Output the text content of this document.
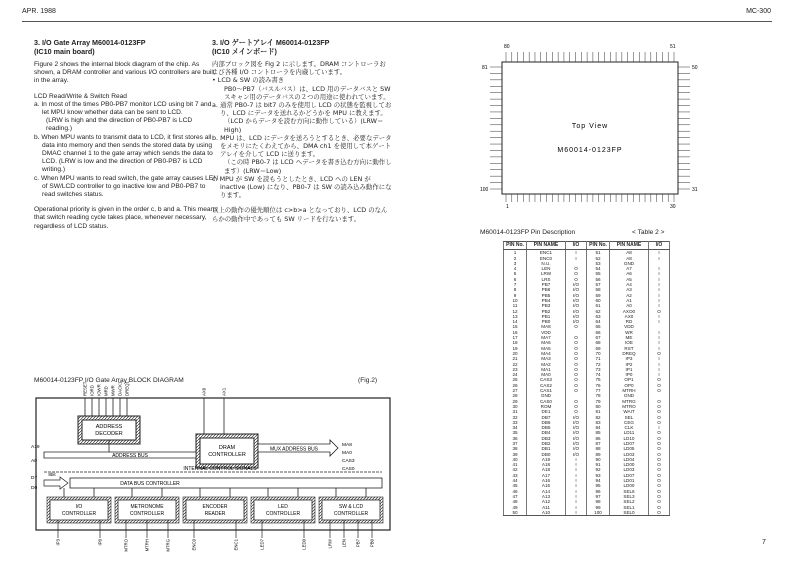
APR. 1988	MC-300
3. I/O Gate Array M60014-0123FP
(IC10 main board)

Figure 2 shows the internal block diagram of the chip. As shown, a DRAM controller and various I/O controllers are built in the array.

LCD Read/Write & Switch Read

a. In most of the times PB0-PB7 monitor LCD using bit 7 and let MPU know whether data can be sent to LCD.

(LRW is high and the direction of PB0-PB7 is LCD reading.)

b. When MPU wants to transmit data to LCD, it first stores all data into memory and then sends the stored data by using DMAC channel 1 to the gate array which sends the data to LCD. (LRW is low and the direction of PB0-PB7 is LCD writing.)

c. When MPU wants to read switch, the gate array causes LEN of SW/LCD controller to go inactive low and PB0-PB7 to read switches status.

Operational priority is given in the order c, b and a. This means that switch reading cycle takes place, whenever necessary, regardless of LCD status.

3. I/O ゲートアレイ M60014-0123FP
(IC10 メインボード)

内部ブロック図を Fig 2 に示します。DRAM コントローラおよび各種 I/O コントローラを内蔵しています。

• LCD & SW の読み書き

PB0～PB7（バスルバス）は、LCD 用のデータバスと SW スキャン用のデータバスの２つの用途に使われています。

a. 通常 PB0-7 は bit7 のみを使用し LCD の状態を監視しており、LCD にデータを送れるかどうかを MPU に教えます。

（LCD からデータを読む方向に動作している）(LRW＝High)

b. MPU は、LCD にデータを送ろうとするとき、必要なデータをメモリにたくわえてから、DMA ch1 を使用して本ゲートアレイを介して LCD に送ります。

（この時 PB0-7 は LCD へデータを書き込む方向に動作します）(LRW＝Low)

c. MPU が SW を読もうとしたとき、LCD への LEN が inactive (Low) になり、PB0-7 は SW の読み込み動作になります。

以上の動作の優先順位は c>b>a となっており、LCD のなんらかの動作中であっても SW リードを行ないます。

M60014-0123FP I/O Gate Array BLOCK DIAGRAM	(Fig.2)
ADDRESS
DECODER
DRAM
CONTROLLER
MUX ADDRESS BUS
ADDRESS BUS
INTERNAL CONTROL SIGNALS
DATA BUS CONTROLLER
8bit
A19
A0
D7
D0
MA8
MA0
CAS3
CAS0
I/O
CONTROLLER
METRONOME
CONTROLLER
ENCODER
READER
LED
CONTROLLER
SW & LCD
CONTROLLER
RESET IORD IOWR MRD MWR DACK1 DREQ1	AX0	AX1
IP3	IP0	MTRO	MTRH	MTRG	ENC0	ENC1	LED7	LED0	LRW LEN PB7 PB0
Top View
M60014-0123FP
80	51
81	50
100	31
1	30
M60014-0123FP Pin Description	< Table 2 >
PIN No.	PIN NAME	I/O	PIN No.	PIN NAME	I/O
1	ENC1	I	51	A8	I
2	ENC0	I	52	A8	I
3	N.U.		53	GND	
4	LEN	O	54	A7	I
5	LRW	O	55	A6	I
6	LRS	O	56	A5	I
7	PB7	I/O	57	A4	I
8	PB6	I/O	58	A3	I
9	PB5	I/O	59	A2	I
10	PB4	I/O	60	A1	I
11	PB3	I/O	61	A0	I
12	PB2	I/O	62	AXO0	O
13	PB1	I/O	63	AX0	I
14	PB0	I/O	64	RD	I
15	MA8	O	65	VDD	
16	VDD		66	WR	I
17	MA7	O	67	ME	I
18	MA6	O	68	IOE	I
19	MA5	O	69	RST	I
20	MA4	O	70	DREQ	O
21	MA3	O	71	IP3	I
22	MA2	O	72	IP2	I
23	MA1	O	73	IP1	I
24	MA0	O	74	IP0	I
25	CAS3	O	75	OP1	O
26	CAS2	O	76	OP0	O
27	CAS1	O	77	MTRH	O
28	GND		78	GND	
29	CAS0	O	79	MTRG	O
30	ROM	O	80	MTRO	O
31	DE1	O	81	WAIT	O
32	DB7	I/O	82	SEL	O
33	DB6	I/O	83	CEG	O
34	DB5	I/O	84	CLK	I
35	DB4	I/O	85	LD11	O
36	DB3	I/O	86	LD10	O
37	DB2	I/O	87	LD07	O
38	DB1	I/O	88	LD05	O
39	DB0	I/O	89	LD03	O
40	A19	I	90	LD04	O
41	A18	I	91	LD00	O
42	A18	I	92	LD03	O
43	A17	I	93	LD07	O
44	A16	I	94	LD01	O
45	A15	I	95	LD00	O
46	A14	I	96	SEL6	O
47	A13	I	97	SEL3	O
48	A12	I	98	SEL2	O
49	A11	I	99	SEL1	O
50	A10	I	100	SEL0	O
7
